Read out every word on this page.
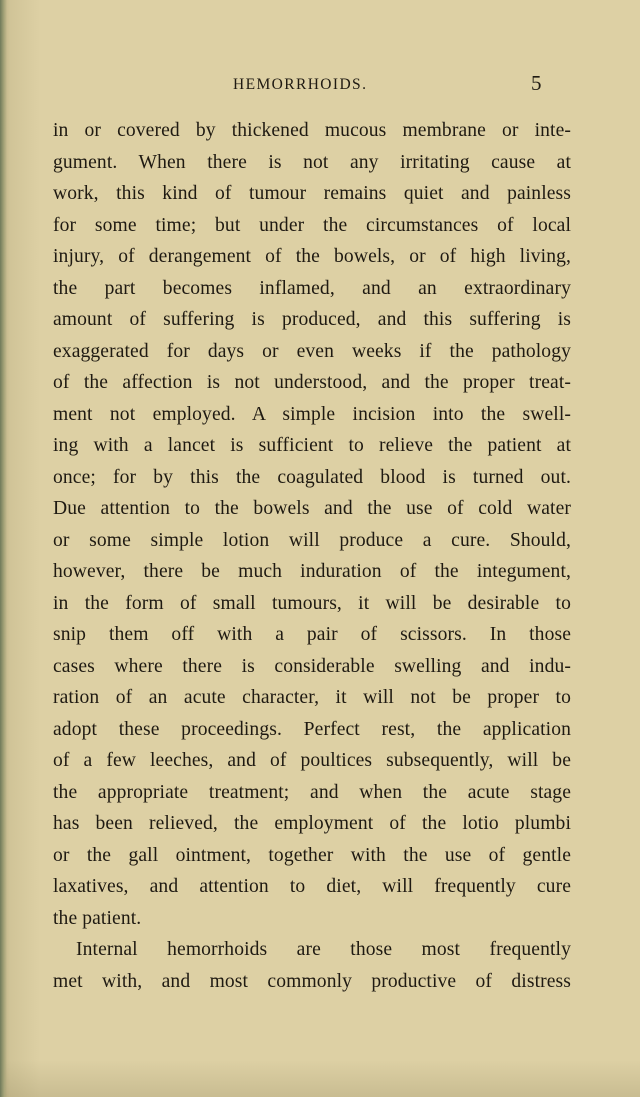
HEMORRHOIDS.	5
in or covered by thickened mucous membrane or inte-
gument. When there is not any irritating cause at
work, this kind of tumour remains quiet and painless
for some time; but under the circumstances of local
injury, of derangement of the bowels, or of high living,
the part becomes inflamed, and an extraordinary
amount of suffering is produced, and this suffering is
exaggerated for days or even weeks if the pathology
of the affection is not understood, and the proper treat-
ment not employed. A simple incision into the swell-
ing with a lancet is sufficient to relieve the patient at
once; for by this the coagulated blood is turned out.
Due attention to the bowels and the use of cold water
or some simple lotion will produce a cure. Should,
however, there be much induration of the integument,
in the form of small tumours, it will be desirable to
snip them off with a pair of scissors. In those
cases where there is considerable swelling and indu-
ration of an acute character, it will not be proper to
adopt these proceedings. Perfect rest, the application
of a few leeches, and of poultices subsequently, will be
the appropriate treatment; and when the acute stage
has been relieved, the employment of the lotio plumbi
or the gall ointment, together with the use of gentle
laxatives, and attention to diet, will frequently cure
the patient.
Internal hemorrhoids are those most frequently
met with, and most commonly productive of distress
